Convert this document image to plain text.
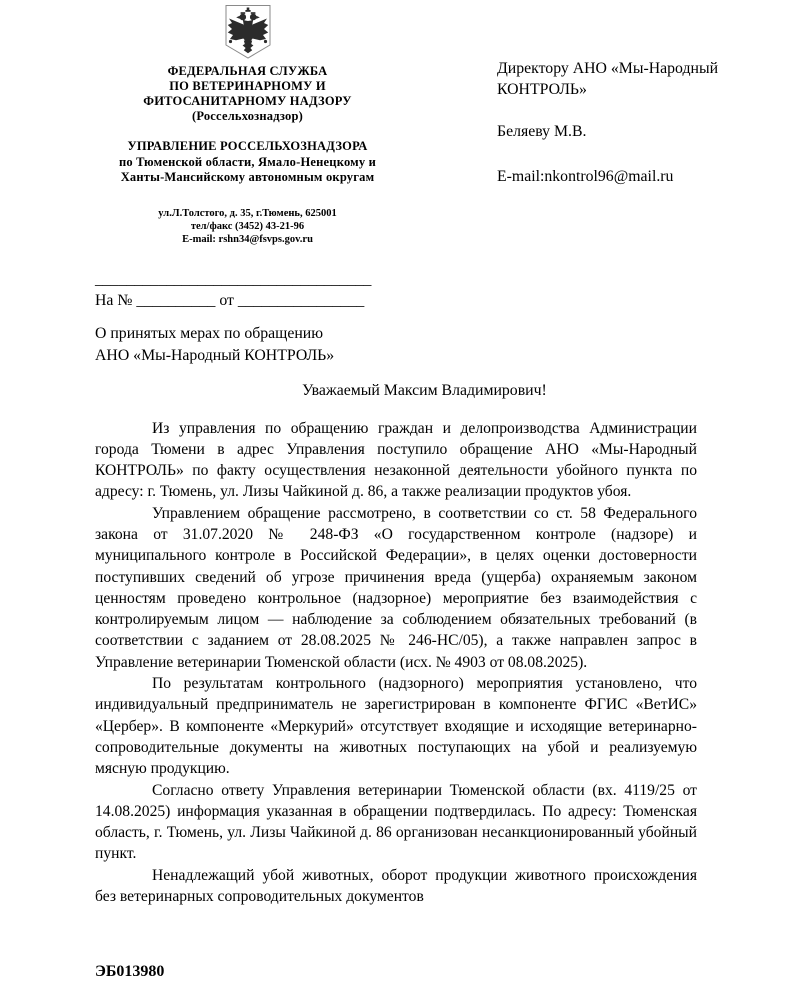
ФЕДЕРАЛЬНАЯ СЛУЖБА
ПО ВЕТЕРИНАРНОМУ И
ФИТОСАНИТАРНОМУ НАДЗОРУ
(Россельхознадзор)
УПРАВЛЕНИЕ РОССЕЛЬХОЗНАДЗОРА
по Тюменской области, Ямало-Ненецкому и
Ханты-Мансийскому автономным округам
ул.Л.Толстого, д. 35, г.Тюмень, 625001
тел/факс (3452) 43-21-96
E-mail: rshn34@fsvps.gov.ru

Директору АНО «Мы-Народный КОНТРОЛЬ»

Беляеву М.В.

E-mail:nkontrol96@mail.ru

___________________________________
На № __________ от ________________
О принятых мерах по обращению
АНО «Мы-Народный КОНТРОЛЬ»
Уважаемый Максим Владимирович!

Из управления по обращению граждан и делопроизводства Администрации города Тюмени в адрес Управления поступило обращение АНО «Мы-Народный КОНТРОЛЬ» по факту осуществления незаконной деятельности убойного пункта по адресу: г. Тюмень, ул. Лизы Чайкиной д. 86, а также реализации продуктов убоя.

Управлением обращение рассмотрено, в соответствии со ст. 58 Федерального закона от 31.07.2020 № 248-ФЗ «О государственном контроле (надзоре) и муниципального контроле в Российской Федерации», в целях оценки достоверности поступивших сведений об угрозе причинения вреда (ущерба) охраняемым законом ценностям проведено контрольное (надзорное) мероприятие без взаимодействия с контролируемым лицом — наблюдение за соблюдением обязательных требований (в соответствии с заданием от 28.08.2025 № 246-НС/05), а также направлен запрос в Управление ветеринарии Тюменской области (исх. № 4903 от 08.08.2025).

По результатам контрольного (надзорного) мероприятия установлено, что индивидуальный предприниматель не зарегистрирован в компоненте ФГИС «ВетИС» «Цербер». В компоненте «Меркурий» отсутствует входящие и исходящие ветеринарно-сопроводительные документы на животных поступающих на убой и реализуемую мясную продукцию.

Согласно ответу Управления ветеринарии Тюменской области (вх. 4119/25 от 14.08.2025) информация указанная в обращении подтвердилась. По адресу: Тюменская область, г. Тюмень, ул. Лизы Чайкиной д. 86 организован несанкционированный убойный пункт.

Ненадлежащий убой животных, оборот продукции животного происхождения без ветеринарных сопроводительных документов

ЭБ013980
